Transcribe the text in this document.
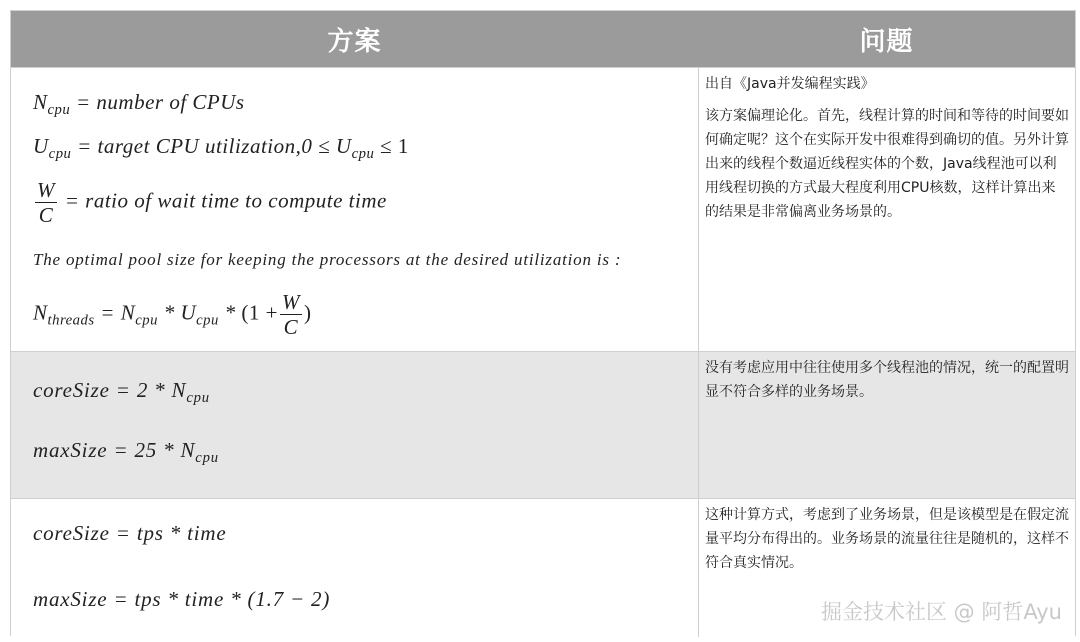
方案	问题
$N_{cpu}$ = number of CPUs
$U_{cpu}$ = target CPU utilization,0 ≤ $U_{cpu} \le 1$
$\frac{W}{C}$ = ratio of wait time to compute time
The optimal pool size for keeping the processors at the desired utilization is :
$N_{threads} = N_{cpu} * U_{cpu} * (1 + \frac{W}{C}$ )

出自《Java并发编程实践》

该方案偏理论化。首先，线程计算的时间和等待的时间要如何确定呢？这个在实际开发中很难得到确切的值。另外计算出来的线程个数逼近线程实体的个数，Java线程池可以利用线程切换的方式最大程度利用CPU核数，这样计算出来的结果是非常偏离业务场景的。

coreSize = $2 * N_{cpu}$
maxSize = $25 * N_{cpu}$

没有考虑应用中往往使用多个线程池的情况，统一的配置明显不符合多样的业务场景。

coreSize = tps * time
maxSize = tps * time * (1.7 − 2)

这种计算方式，考虑到了业务场景，但是该模型是在假定流量平均分布得出的。业务场景的流量往往是随机的，这样不符合真实情况。

掘金技术社区 @ 阿哲Ayu
